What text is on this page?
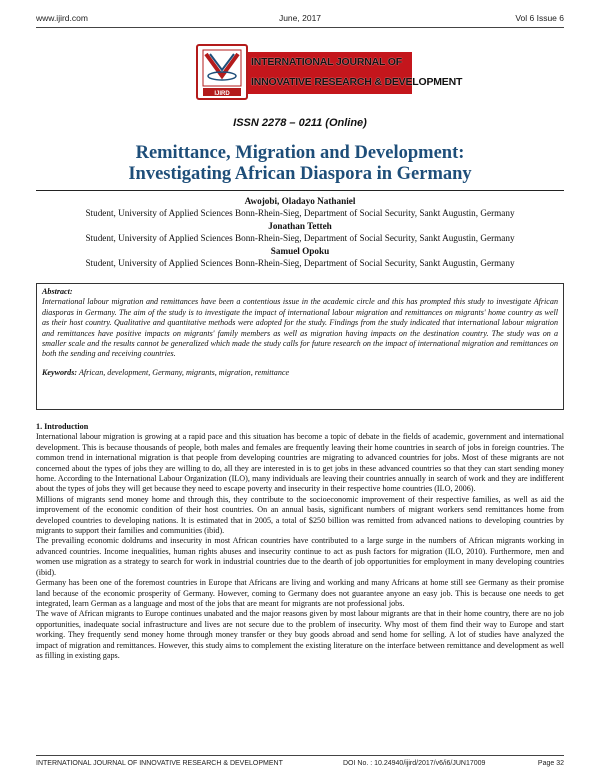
www.ijird.com	June, 2017	Vol 6 Issue 6
IJIRD
INTERNATIONAL JOURNAL OF
INNOVATIVE RESEARCH & DEVELOPMENT
ISSN 2278 – 0211 (Online)
Remittance, Migration and Development:
Investigating African Diaspora in Germany
Awojobi, Oladayo Nathaniel
Student, University of Applied Sciences Bonn-Rhein-Sieg, Department of Social Security, Sankt Augustin, Germany
Jonathan Tetteh
Student, University of Applied Sciences Bonn-Rhein-Sieg, Department of Social Security, Sankt Augustin, Germany
Samuel Opoku
Student, University of Applied Sciences Bonn-Rhein-Sieg, Department of Social Security, Sankt Augustin, Germany
Abstract:

International labour migration and remittances have been a contentious issue in the academic circle and this has prompted this study to investigate African diasporas in Germany. The aim of the study is to investigate the impact of international labour migration and remittances on migrants' home country as well as their host country. Qualitative and quantitative methods were adopted for the study. Findings from the study indicated that international labour migration and remittances have positive impacts on migrants' family members as well as migration having impacts on the destination country. The study was on a smaller scale and the results cannot be generalized which made the study calls for future research on the impact of international migration and remittances on both the sending and receiving countries.

Keywords: African, development, Germany, migrants, migration, remittance

1. Introduction

International labour migration is growing at a rapid pace and this situation has become a topic of debate in the fields of academic, government and international development. This is because thousands of people, both males and females are frequently leaving their home countries in search of jobs in foreign countries. The common trend in international migration is that people from developing countries are migrating to advanced countries for jobs. Most of these migrants are not concerned about the types of jobs they are willing to do, all they are interested in is to get jobs in these advanced countries so that they can start sending money home. According to the International Labour Organization (ILO), many individuals are leaving their countries annually in search of work and they are indifferent about the types of jobs they will get because they need to escape poverty and insecurity in their respective home countries (ILO, 2006).

Millions of migrants send money home and through this, they contribute to the socioeconomic improvement of their respective families, as well as aid the improvement of the economic condition of their host countries. On an annual basis, significant numbers of migrant workers send remittances home from developed countries to developing nations. It is estimated that in 2005, a total of $250 billion was remitted from advanced nations to developing countries by migrants to support their families and communities (ibid).

The prevailing economic doldrums and insecurity in most African countries have contributed to a large surge in the numbers of African migrants working in advanced countries. Income inequalities, human rights abuses and insecurity continue to act as push factors for migration (ILO, 2010). Furthermore, men and women use migration as a strategy to search for work in industrial countries due to the dearth of job opportunities for employment in many developing countries (ibid).

Germany has been one of the foremost countries in Europe that Africans are living and working and many Africans at home still see Germany as their promise land because of the economic prosperity of Germany. However, coming to Germany does not guarantee anyone an easy job. This is because one needs to get integrated, learn German as a language and most of the jobs that are meant for migrants are not professional jobs.

The wave of African migrants to Europe continues unabated and the major reasons given by most labour migrants are that in their home country, there are no job opportunities, inadequate social infrastructure and lives are not secure due to the problem of insecurity. Why most of them find their way to Europe and start working. They frequently send money home through money transfer or they buy goods abroad and send home for selling. A lot of studies have analyzed the impact of migration and remittances. However, this study aims to complement the existing literature on the interface between remittance and development as well as filling in existing gaps.

INTERNATIONAL JOURNAL OF INNOVATIVE RESEARCH & DEVELOPMENT	DOI No. : 10.24940/ijird/2017/v6/i6/JUN17009	Page 32
